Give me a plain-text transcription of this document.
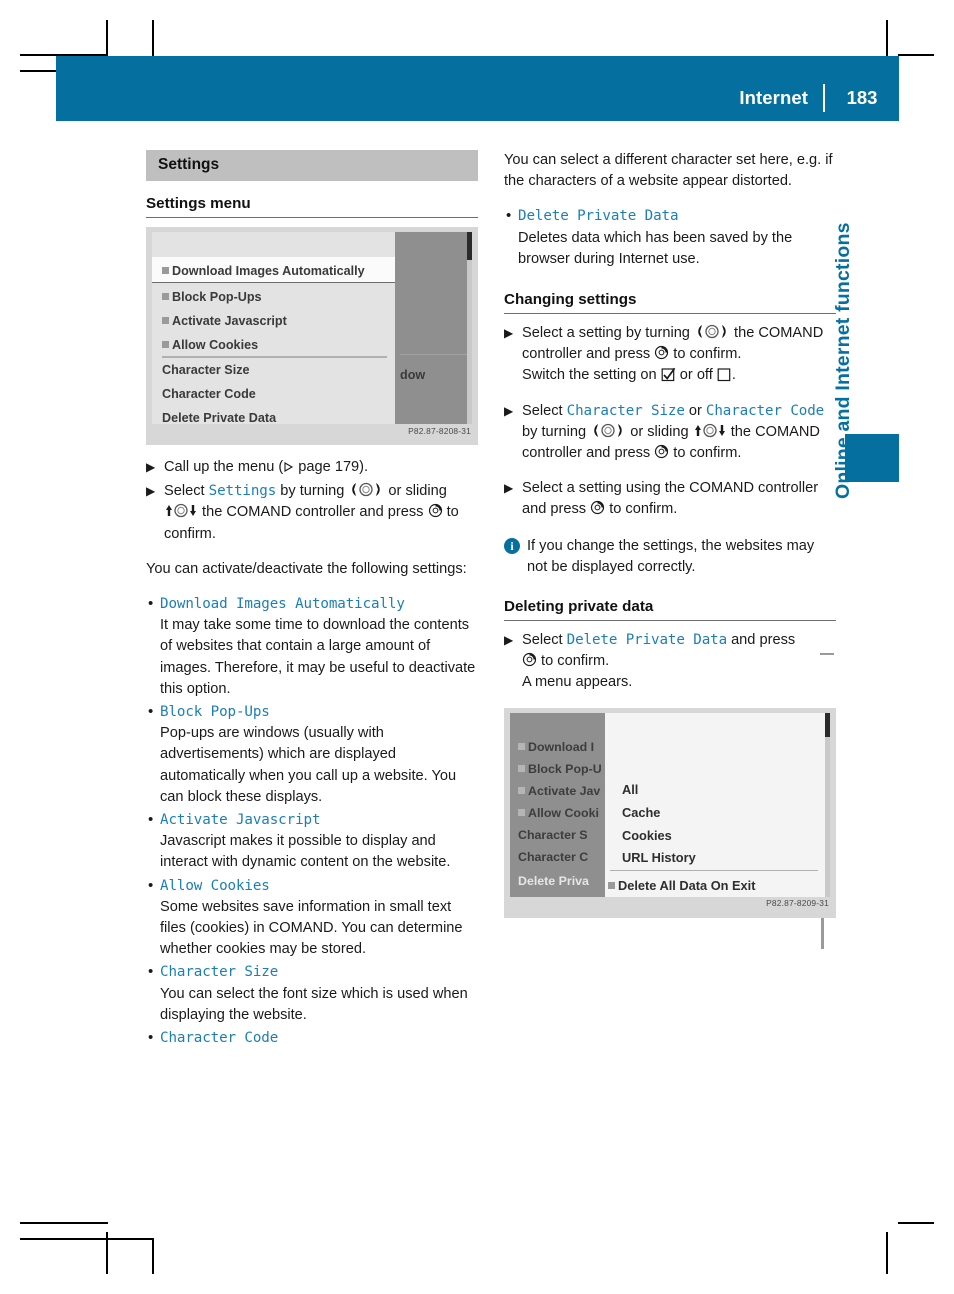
Internet	183
Online and Internet functions
Settings
Settings menu
dow
Download Images Automatically
Block Pop-Ups
Activate Javascript
Allow Cookies
Character Size
Character Code
Delete Private Data
P82.87-8208-31
▶ Call up the menu (
page 179).
▶ Select Settings by turning
or sliding
the COMAND controller and press
to confirm.

You can activate/deactivate the following settings:

• Download Images Automatically

It may take some time to download the contents of websites that contain a large amount of images. Therefore, it may be useful to deactivate this option.

• Block Pop-Ups

Pop-ups are windows (usually with advertisements) which are displayed automatically when you call up a website. You can block these displays.

• Activate Javascript

Javascript makes it possible to display and interact with dynamic content on the website.

• Allow Cookies

Some websites save information in small text files (cookies) in COMAND. You can determine whether cookies may be stored.

• Character Size

You can select the font size which is used when displaying the website.

• Character Code

You can select a different character set here, e.g. if the characters of a website appear distorted.

• Delete Private Data

Deletes data which has been saved by the browser during Internet use.

Changing settings
▶ Select a setting by turning
the COMAND controller and press
to confirm.
Switch the setting on  or off .
▶ Select Character Size or Character Code by turning
or sliding
the COMAND controller and press
to confirm.
▶ Select a setting using the COMAND controller and press
to confirm.
i If you change the settings, the websites may not be displayed correctly.
Deleting private data
▶ Select Delete Private Data and press

to confirm.
A menu appears.
Download I
Block Pop-U
Activate Jav
Allow Cooki
Character S
Character C
Delete Priva
All
Cache
Cookies
URL History
Delete All Data On Exit
P82.87-8209-31
